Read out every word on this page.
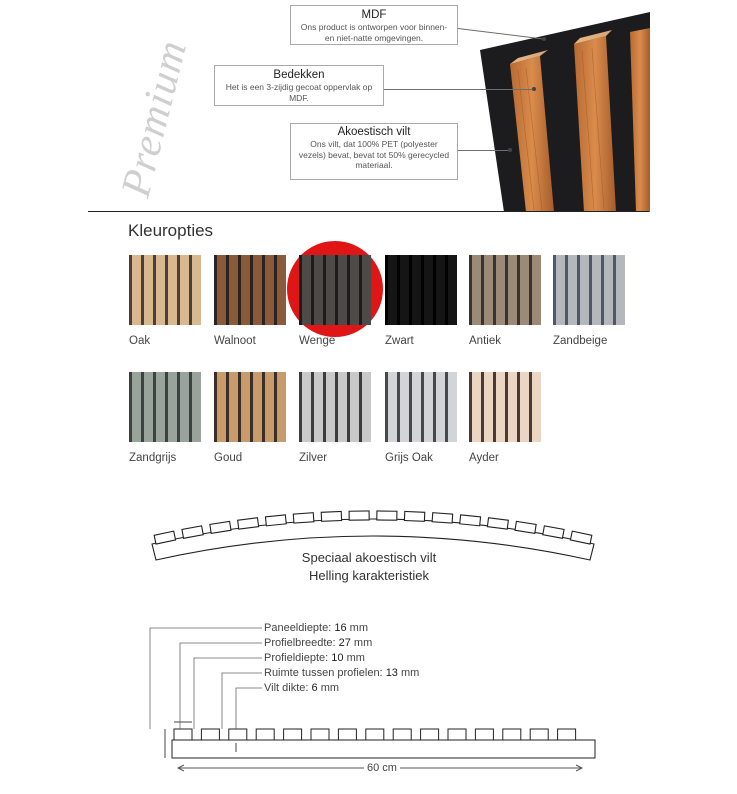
Premium
MDF
Ons product is ontworpen voor binnen- en niet-natte omgevingen.
Bedekken
Het is een 3-zijdig gecoat oppervlak op MDF.
Akoestisch vilt
Ons vilt, dat 100% PET (polyester vezels) bevat, bevat tot 50% gerecycled materiaal.
Kleuropties
Oak	Walnoot	Wenge	Zwart	Antiek	Zandbeige
Zandgrijs	Goud	Zilver	Grijs Oak	Ayder
Speciaal akoestisch vilt
Helling karakteristiek
Paneeldiepte: 16 mm
Profielbreedte: 27 mm
Profieldiepte: 10 mm
Ruimte tussen profielen: 13 mm
Vilt dikte: 6 mm
60 cm
